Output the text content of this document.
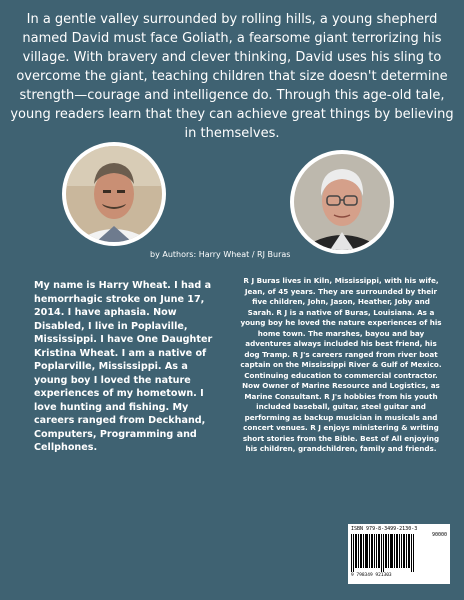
In a gentle valley surrounded by rolling hills, a young shepherd named David must face Goliath, a fearsome giant terrorizing his village. With bravery and clever thinking, David uses his sling to overcome the giant, teaching children that size doesn't determine strength—courage and intelligence do. Through this age-old tale, young readers learn that they can achieve great things by believing in themselves.

by Authors: Harry Wheat / RJ Buras

My name is Harry Wheat. I had a hemorrhagic stroke on June 17, 2014. I have aphasia. Now Disabled, I live in Poplaville, Mississippi. I have One Daughter Kristina Wheat. I am a native of Poplarville, Mississippi. As a young boy I loved the nature experiences of my hometown. I love hunting and fishing. My careers ranged from Deckhand, Computers, Programming and Cellphones.

R J Buras lives in Kiln, Mississippi, with his wife, Jean, of 45 years. They are surrounded by their five children, John, Jason, Heather, Joby and Sarah. R J is a native of Buras, Louisiana. As a young boy he loved the nature experiences of his home town. The marshes, bayou and bay adventures always included his best friend, his dog Tramp. R J's careers ranged from river boat captain on the Mississippi River & Gulf of Mexico. Continuing education to commercial contractor. Now Owner of Marine Resource and Logistics, as Marine Consultant. R J's hobbies from his youth included baseball, guitar, steel guitar and performing as backup musician in musicals and concert venues. R J enjoys ministering & writing short stories from the Bible. Best of All enjoying his children, grandchildren, family and friends.

ISBN 979-8-3499-2130-3
90000
9 798349 921303
